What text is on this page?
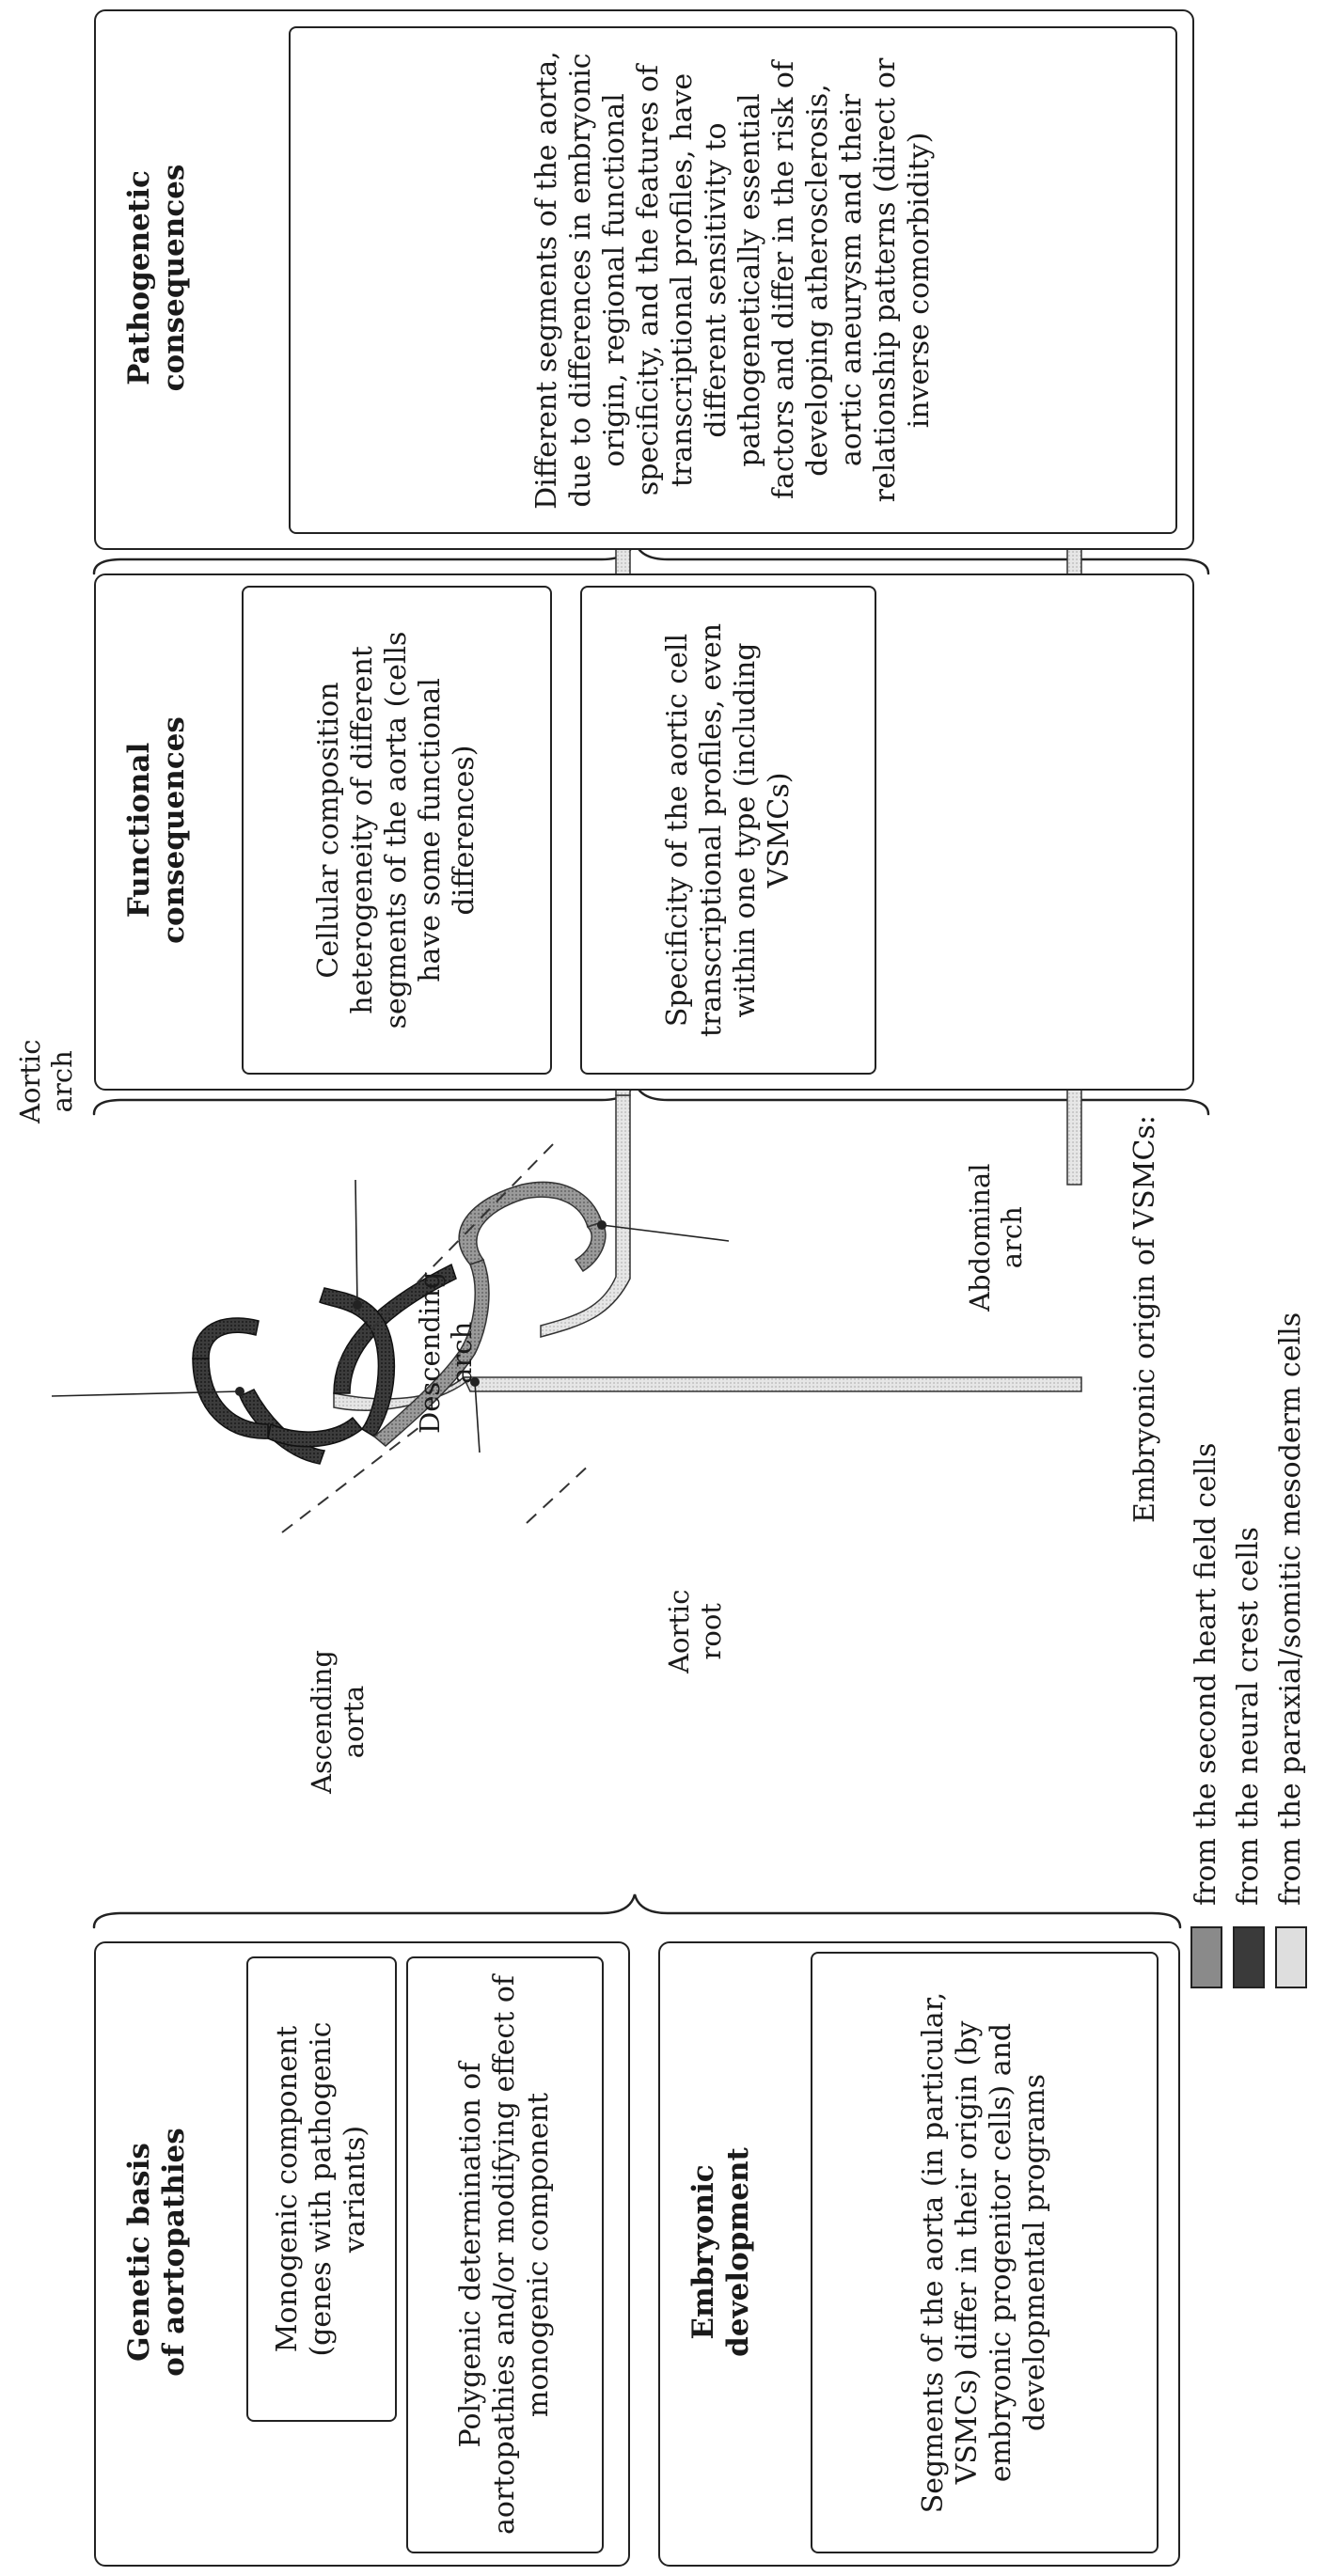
Genetic basis of aortopathies	Monogenic component (genes with pathogenic variants)	Polygenic determination of aortopathies and/or modifying effect of monogenic component	Embryonic development	Segments of the aorta (in particular, VSMCs) differ in their origin (by embryonic progenitor cells) and developmental programs
Aortic arch
Ascending aorta
Aortic root
Descending arch
Abdominal arch	Embryonic origin of VSMCs:
from the second heart field cells from the neural crest cells from the paraxial/somitic mesoderm cells
Functional consequences	Cellular composition heterogeneity of different segments of the aorta (cells have some functional differences)	Specificity of the aortic cell transcriptional profiles, even within one type (including VSMCs)
Pathogenetic consequences	Different segments of the aorta, due to differences in embryonic origin, regional functional specificity, and the features of transcriptional profiles, have different sensitivity to pathogenetically essential factors and differ in the risk of developing atherosclerosis, aortic aneurysm and their relationship patterns (direct or inverse comorbidity)
